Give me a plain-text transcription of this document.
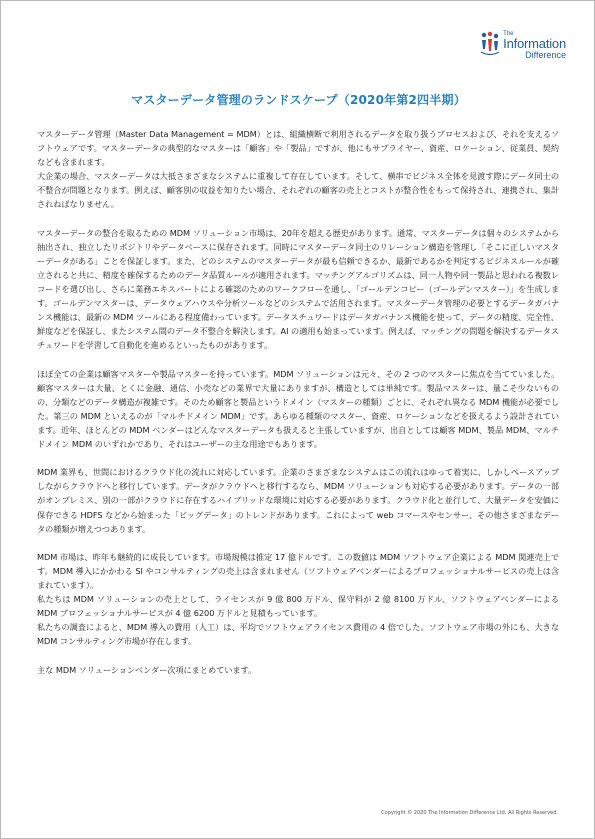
The
Information
Difference
マスターデータ管理のランドスケープ（2020年第2四半期）

マスターデータ管理（Master Data Management = MDM）とは、組織横断で利用されるデータを取り扱うプロセスおよび、それを支えるソフトウェアです。マスターデータの典型的なマスターは「顧客」や「製品」ですが、他にもサプライヤー、資産、ロケーション、従業員、契約なども含まれます。

大企業の場合、マスターデータは大抵さまざまなシステムに重複して存在しています。そして、横串でビジネス全体を見渡す際にデータ同士の不整合が問題となります。例えば、顧客別の収益を知りたい場合、それぞれの顧客の売上とコストが整合性をもって保持され、連携され、集計されねばなりません。

マスターデータの整合を取るための MDM ソリューション市場は、20年を超える歴史があります。通常、マスターデータは個々のシステムから抽出され、独立したリポジトリやデータベースに保存されます。同時にマスターデータ同士のリレーション構造を管理し「そこに正しいマスターデータがある」ことを保証します。また、どのシステムのマスターデータが最も信頼できるか、最新であるかを判定するビジネスルールが確立されると共に、精度を確保するためのデータ品質ルールが適用されます。マッチングアルゴリズムは、同一人物や同一製品と思われる複数レコードを選び出し、さらに業務エキスパートによる確認のためのワークフローを通し、「ゴールデンコピー（ゴールデンマスター）」を生成します。ゴールデンマスターは、データウェアハウスや分析ツールなどのシステムで活用されます。マスターデータ管理の必要とするデータガバナンス機能は、最新の MDM ツールにある程度備わっています。データスチュワードはデータガバナンス機能を使って、データの精度、完全性、鮮度などを保証し、またシステム間のデータ不整合を解決します。AI の適用も始まっています。例えば、マッチングの問題を解決するデータスチュワードを学習して自動化を進めるといったものがあります。

ほぼ全ての企業は顧客マスターや製品マスターを持っています。MDM ソリューションは元々、その 2 つのマスターに焦点を当てていました。顧客マスターは大量、とくに金融、通信、小売などの業界で大量にありますが、構造としては単純です。製品マスターは、量こそ少ないものの、分類などのデータ構造が複雑です。そのため顧客と製品というドメイン（マスターの種類）ごとに、それぞれ異なる MDM 機能が必要でした。第三の MDM といえるのが「マルチドメイン MDM」です。あらゆる種類のマスター、資産、ロケーションなどを扱えるよう設計されています。近年、ほとんどの MDM ベンダーはどんなマスターデータも扱えると主張していますが、出自としては顧客 MDM、製品 MDM、マルチドメイン MDM のいずれかであり、それはユーザーの主な用途でもあります。

MDM 業界も、世間におけるクラウド化の流れに対応しています。企業のさまざまなシステムはこの流れはゆって着実に、しかしペースアップしながらクラウドへと移行しています。データがクラウドへと移行するなら、MDM ソリューションも対応する必要があります。データの一部がオンプレミス、別の一部がクラウドに存在するハイブリッドな環境に対応する必要があります。クラウド化と並行して、大量データを安価に保存できる HDFS などから始まった「ビッグデータ」のトレンドがあります。これによって web コマースやセンサー、その他さまざまなデータの種類が増えつつあります。

MDM 市場は、昨年も継続的に成長しています。市場規模は推定 17 億ドルです。この数値は MDM ソフトウェア企業による MDM 関連売上です。MDM 導入にかかわる SI やコンサルティングの売上は含まれません（ソフトウェアベンダーによるプロフェッショナルサービスの売上は含まれています）。

私たちは MDM ソリューションの売上として、ライセンスが 9 億 800 万ドル、保守料が 2 億 8100 万ドル、ソフトウェアベンダーによる MDM プロフェッショナルサービスが 4 億 6200 万ドルと見積もっています。

私たちの調査によると、MDM 導入の費用（人工）は、平均でソフトウェアライセンス費用の 4 倍でした。ソフトウェア市場の外にも、大きな MDM コンサルティング市場が存在します。

主な MDM ソリューションベンダー次項にまとめています。

Copyright © 2020 The Information Difference Ltd. All Rights Reserved.
